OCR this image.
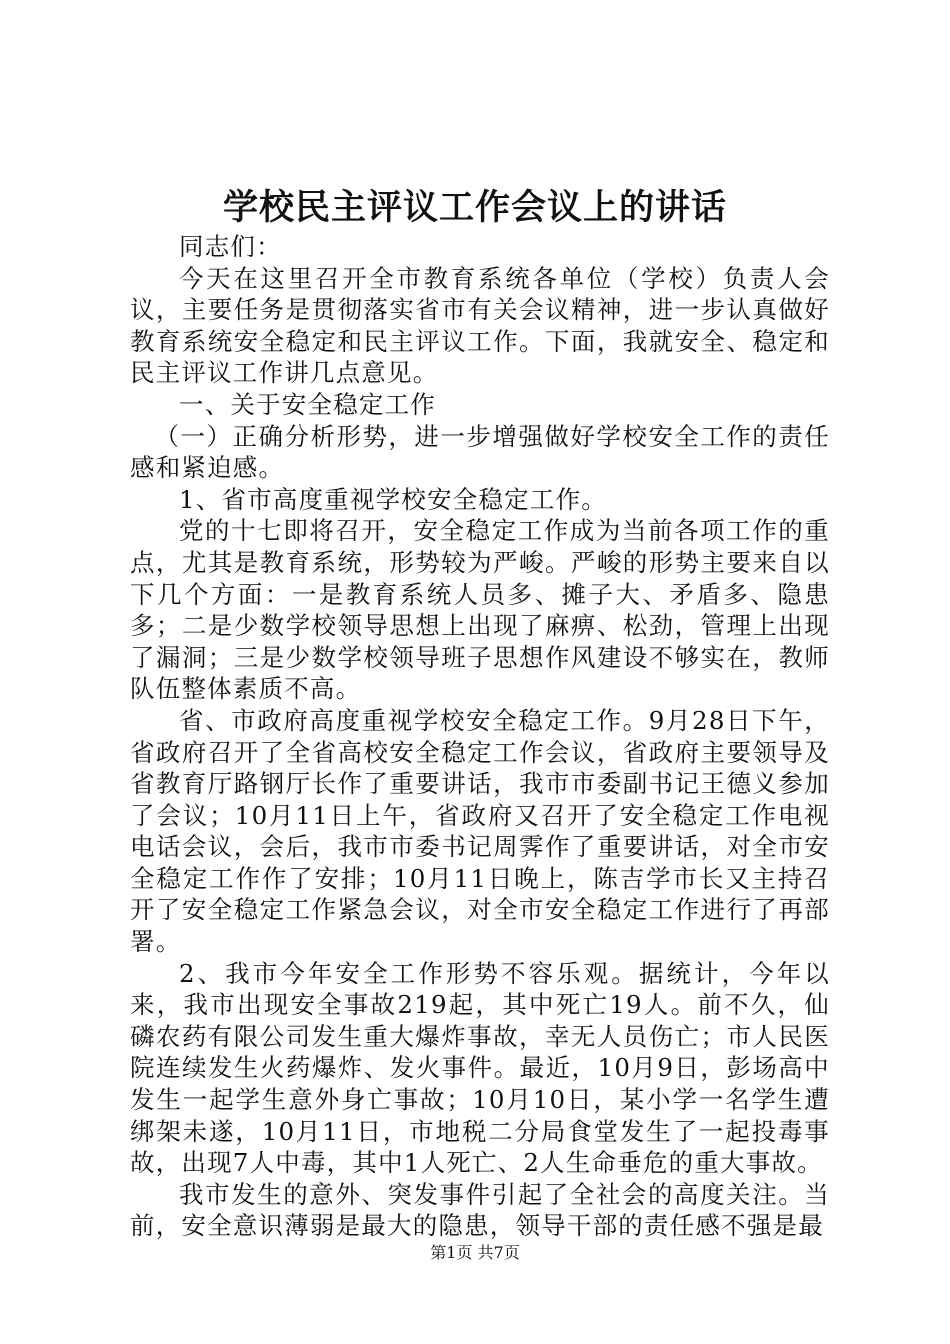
学校民主评议工作会议上的讲话

同志们：

今天在这里召开全市教育系统各单位（学校）负责人会议，主要任务是贯彻落实省市有关会议精神，进一步认真做好教育系统安全稳定和民主评议工作。下面，我就安全、稳定和民主评议工作讲几点意见。

一、关于安全稳定工作

（一）正确分析形势，进一步增强做好学校安全工作的责任感和紧迫感。

1、省市高度重视学校安全稳定工作。

党的十七即将召开，安全稳定工作成为当前各项工作的重点，尤其是教育系统，形势较为严峻。严峻的形势主要来自以下几个方面：一是教育系统人员多、摊子大、矛盾多、隐患多；二是少数学校领导思想上出现了麻痹、松劲，管理上出现了漏洞；三是少数学校领导班子思想作风建设不够实在，教师队伍整体素质不高。

省、市政府高度重视学校安全稳定工作。9月28日下午，省政府召开了全省高校安全稳定工作会议，省政府主要领导及省教育厅路钢厅长作了重要讲话，我市市委副书记王德义参加了会议；10月11日上午，省政府又召开了安全稳定工作电视电话会议，会后，我市市委书记周霁作了重要讲话，对全市安全稳定工作作了安排；10月11日晚上，陈吉学市长又主持召开了安全稳定工作紧急会议，对全市安全稳定工作进行了再部署。

2、我市今年安全工作形势不容乐观。据统计，今年以来，我市出现安全事故219起，其中死亡19人。前不久，仙磷农药有限公司发生重大爆炸事故，幸无人员伤亡；市人民医院连续发生火药爆炸、发火事件。最近，10月9日，彭场高中发生一起学生意外身亡事故；10月10日，某小学一名学生遭绑架未遂，10月11日，市地税二分局食堂发生了一起投毒事故，出现7人中毒，其中1人死亡、2人生命垂危的重大事故。

我市发生的意外、突发事件引起了全社会的高度关注。当前，安全意识薄弱是最大的隐患，领导干部的责任感不强是最

第1页 共7页
